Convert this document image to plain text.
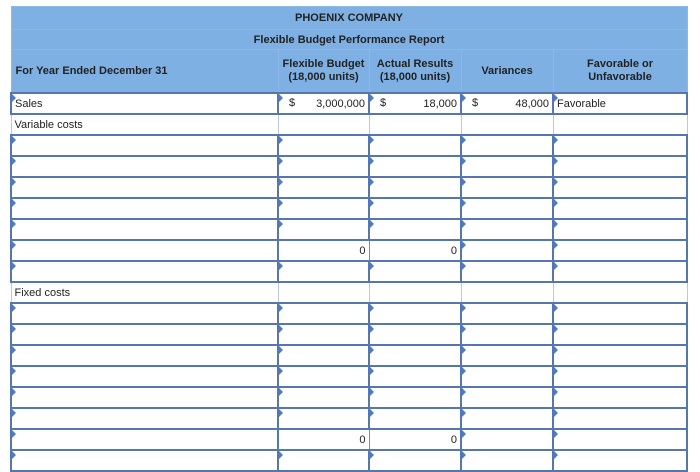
PHOENIX COMPANY				
Flexible Budget Performance Report				
For Year Ended December 31	Flexible Budget (18,000 units)	Actual Results (18,000 units)	Variances	Favorable or Unfavorable

Sales	$ 3,000,000	$ 18,000	$ 48,000	Favorable
Variable costs				

	0	0	

Fixed costs				

	0	0	
